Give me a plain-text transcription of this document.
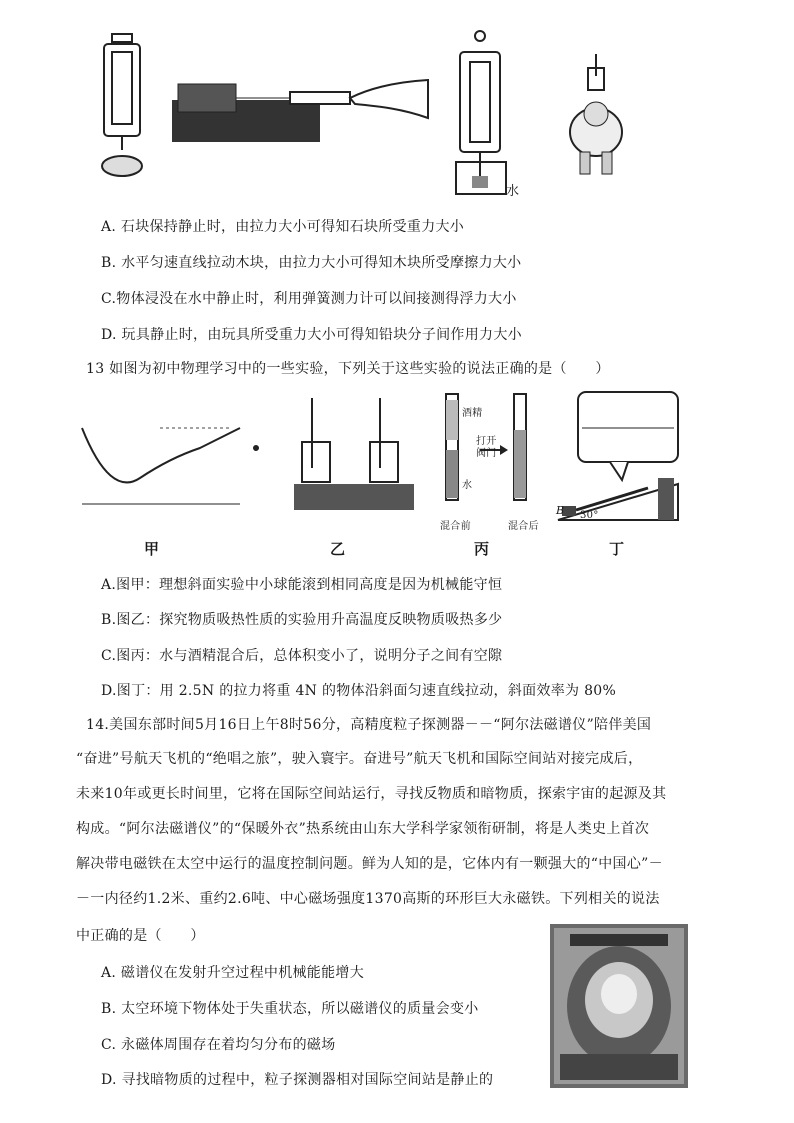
水
A. 石块保持静止时，由拉力大小可得知石块所受重力大小
B. 水平匀速直线拉动木块，由拉力大小可得知木块所受摩擦力大小
C.物体浸没在水中静止时，利用弹簧测力计可以间接测得浮力大小
D. 玩具静止时，由玩具所受重力大小可得知铅块分子间作用力大小
13 如图为初中物理学习中的一些实验，下列关于这些实验的说法正确的是（　　）
酒精
打开阀门
水
混合前	混合后
B 30°
甲	乙	丙	丁
A.图甲：理想斜面实验中小球能滚到相同高度是因为机械能守恒
B.图乙：探究物质吸热性质的实验用升高温度反映物质吸热多少
C.图丙：水与酒精混合后，总体积变小了，说明分子之间有空隙
D.图丁：用 2.5N 的拉力将重 4N 的物体沿斜面匀速直线拉动，斜面效率为 80%
14.美国东部时间5月16日上午8时56分，高精度粒子探测器－－“阿尔法磁谱仪”陪伴美国
“奋进”号航天飞机的“绝唱之旅”，驶入寰宇。奋进号”航天飞机和国际空间站对接完成后，
未来10年或更长时间里，它将在国际空间站运行，寻找反物质和暗物质，探索宇宙的起源及其
构成。“阿尔法磁谱仪”的“保暖外衣”热系统由山东大学科学家领衔研制，将是人类史上首次
解决带电磁铁在太空中运行的温度控制问题。鲜为人知的是，它体内有一颗强大的“中国心”－
－一内径约1.2米、重约2.6吨、中心磁场强度1370高斯的环形巨大永磁铁。下列相关的说法
中正确的是（　　）
A. 磁谱仪在发射升空过程中机械能能增大
B. 太空环境下物体处于失重状态，所以磁谱仪的质量会变小
C. 永磁体周围存在着均匀分布的磁场
D. 寻找暗物质的过程中，粒子探测器相对国际空间站是静止的
